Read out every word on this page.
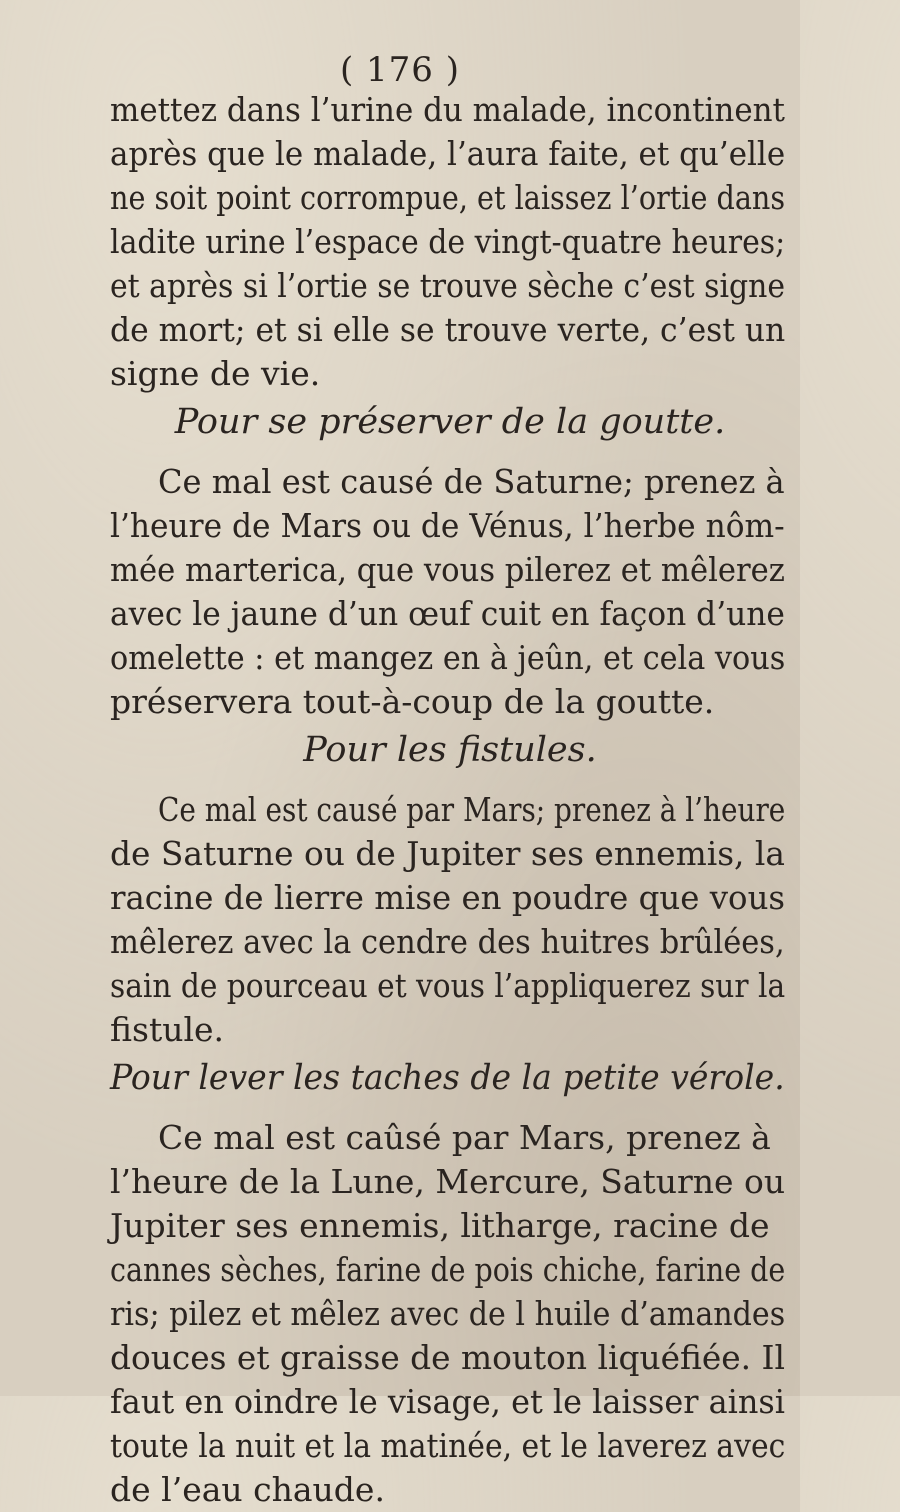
( 176 )
mettez dans l’urine du malade, incontinent
après que le malade, l’aura faite, et qu’elle
ne soit point corrompue, et laissez l’ortie dans
ladite urine l’espace de vingt-quatre heures;
et après si l’ortie se trouve sèche c’est signe
de mort; et si elle se trouve verte, c’est un
signe de vie.
Pour se préserver de la goutte.
Ce mal est causé de Saturne; prenez à
l’heure de Mars ou de Vénus, l’herbe nôm-
mée marterica, que vous pilerez et mêlerez
avec le jaune d’un œuf cuit en façon d’une
omelette : et mangez en à jeûn, et cela vous
préservera tout-à-coup de la goutte.
Pour les fistules.
Ce mal est causé par Mars; prenez à l’heure
de Saturne ou de Jupiter ses ennemis, la
racine de lierre mise en poudre que vous
mêlerez avec la cendre des huitres brûlées,
sain de pourceau et vous l’appliquerez sur la
fistule.
Pour lever les taches de la petite vérole.
Ce mal est caûsé par Mars, prenez à
l’heure de la Lune, Mercure, Saturne ou
Jupiter ses ennemis, litharge, racine de
cannes sèches, farine de pois chiche, farine de
ris; pilez et mêlez avec de l huile d’amandes
douces et graisse de mouton liquéfiée. Il
faut en oindre le visage, et le laisser ainsi
toute la nuit et la matinée, et le laverez avec
de l’eau chaude.
